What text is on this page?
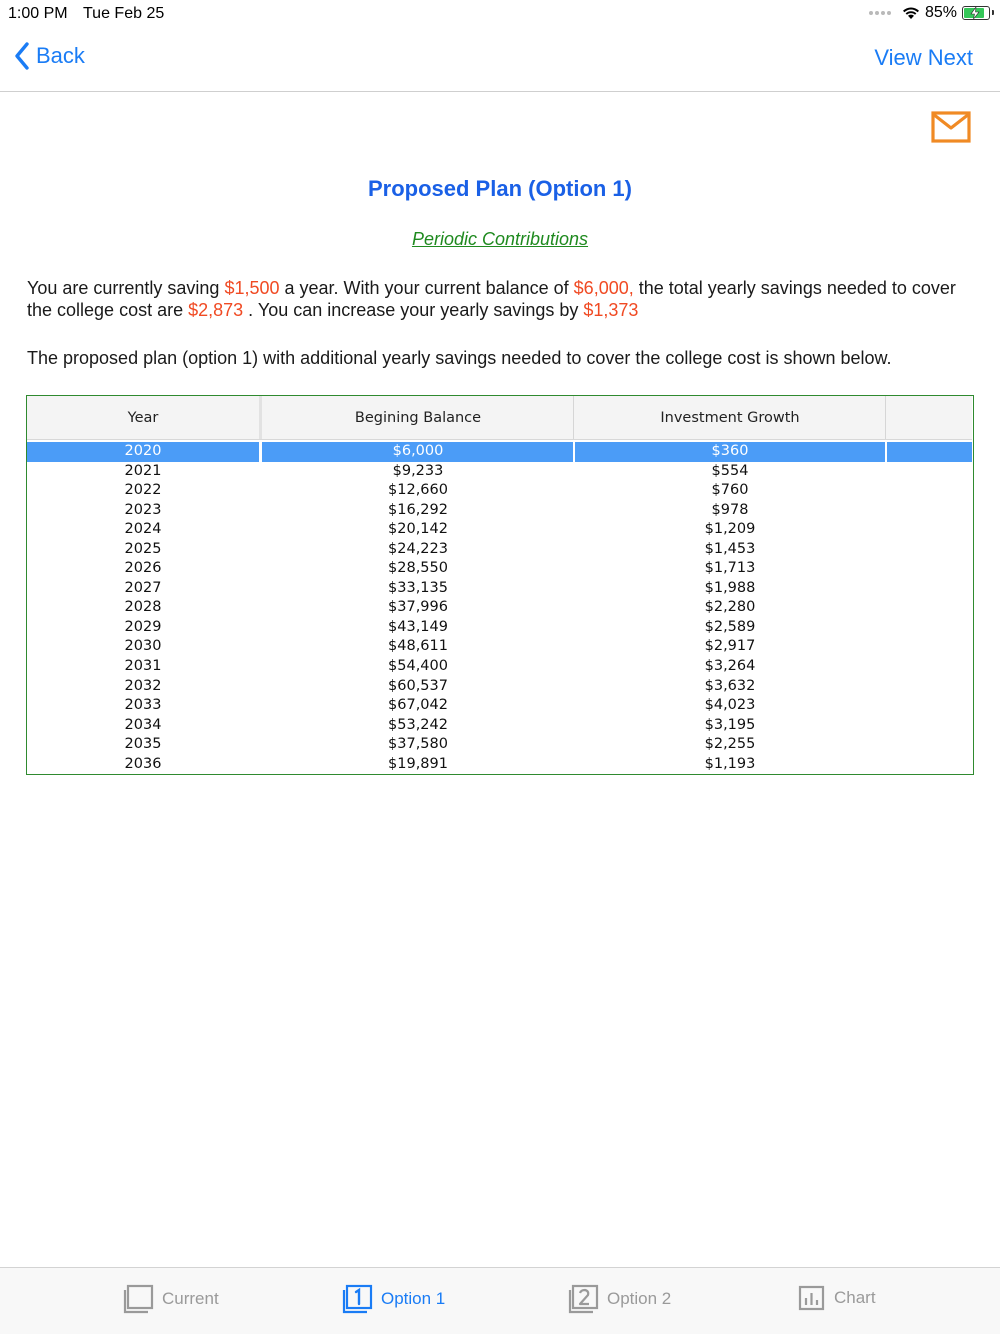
1:00 PM Tue Feb 25	85%
Back	View Next
Proposed Plan (Option 1)
Periodic Contributions

You are currently saving $1,500 a year. With your current balance of $6,000, the total yearly savings needed to cover the college cost are $2,873 . You can increase your yearly savings by $1,373

The proposed plan (option 1) with additional yearly savings needed to cover the college cost is shown below.

Year	Begining Balance	Investment Growth
2020	$6,000	$360
2021	$9,233	$554
2022	$12,660	$760
2023	$16,292	$978
2024	$20,142	$1,209
2025	$24,223	$1,453
2026	$28,550	$1,713
2027	$33,135	$1,988
2028	$37,996	$2,280
2029	$43,149	$2,589
2030	$48,611	$2,917
2031	$54,400	$3,264
2032	$60,537	$3,632
2033	$67,042	$4,023
2034	$53,242	$3,195
2035	$37,580	$2,255
2036	$19,891	$1,193
Current	Option 1	Option 2	Chart
